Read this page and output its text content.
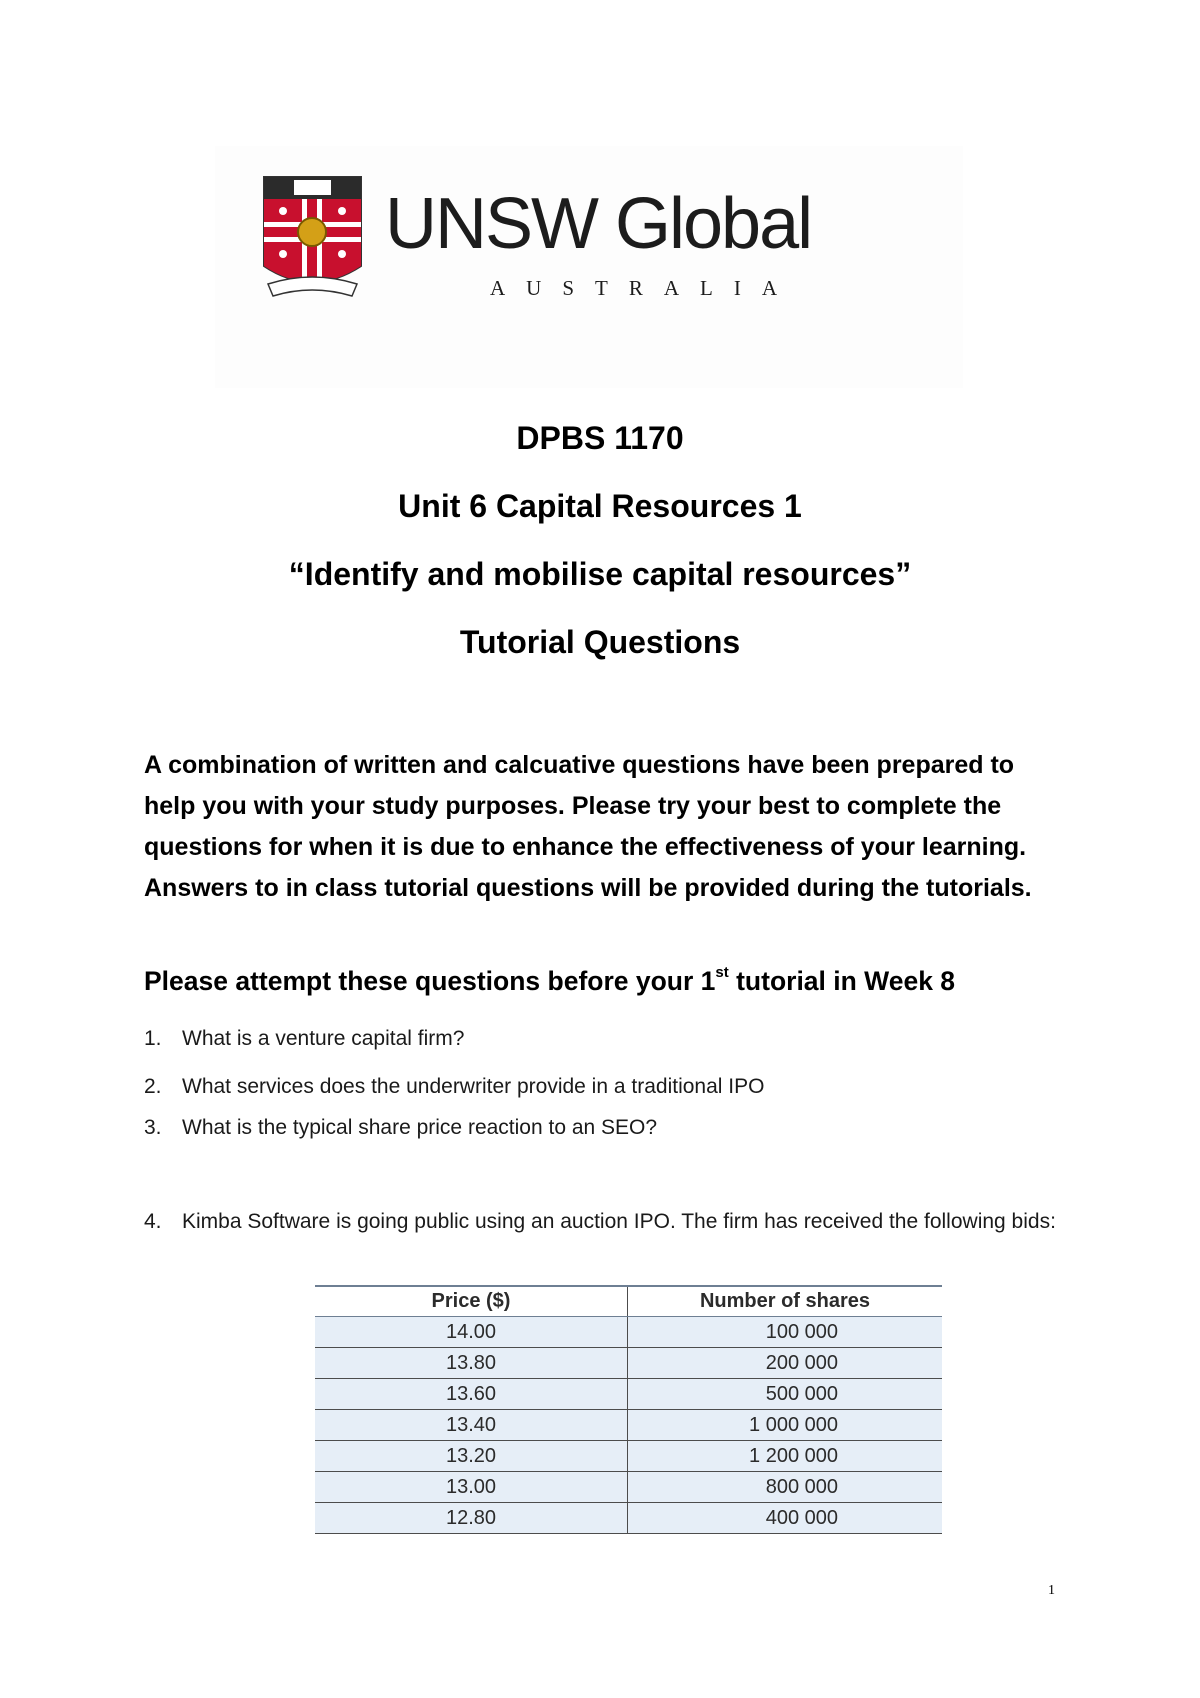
UNSW Global
AUSTRALIA
DPBS 1170
Unit 6 Capital Resources 1
“Identify and mobilise capital resources”
Tutorial Questions
A combination of written and calcuative questions have been prepared to help you with your study purposes. Please try your best to complete the questions for when it is due to enhance the effectiveness of your learning. Answers to in class tutorial questions will be provided during the tutorials.
Please attempt these questions before your 1st tutorial in Week 8
1. What is a venture capital firm?
2. What services does the underwriter provide in a traditional IPO
3. What is the typical share price reaction to an SEO?
4. Kimba Software is going public using an auction IPO. The firm has received the following bids:
Price ($)	Number of shares
14.00	100 000
13.80	200 000
13.60	500 000
13.40	1 000 000
13.20	1 200 000
13.00	800 000
12.80	400 000
1
